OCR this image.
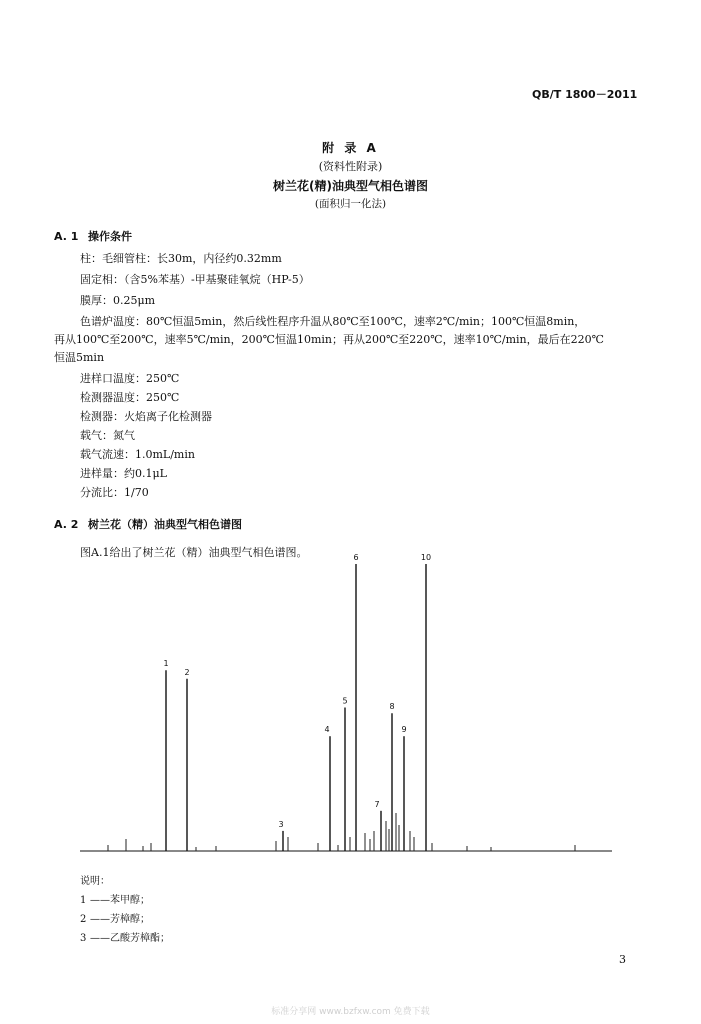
QB/T 1800－2011
附 录 A
(资料性附录)
树兰花(精)油典型气相色谱图
(面积归一化法)
A. 1 操作条件
柱：毛细管柱：长30m，内径约0.32mm
固定相：（含5%苯基）-甲基聚硅氧烷（HP-5）
膜厚：0.25μm
色谱炉温度：80℃恒温5min，然后线性程序升温从80℃至100℃，速率2℃/min；100℃恒温8min，
再从100℃至200℃，速率5℃/min，200℃恒温10min；再从200℃至220℃，速率10℃/min，最后在220℃
恒温5min
进样口温度：250℃
检测器温度：250℃
检测器：火焰离子化检测器
载气：氮气
载气流速：1.0mL/min
进样量：约0.1μL
分流比：1/70
A. 2 树兰花（精）油典型气相色谱图
图A.1给出了树兰花（精）油典型气相色谱图。
1
2
3
4
5
6
7
8
9
10
说明：
1 ——苯甲醇；
2 ——芳樟醇；
3 ——乙酸芳樟酯；
3
标准分享网 www.bzfxw.com 免费下载
